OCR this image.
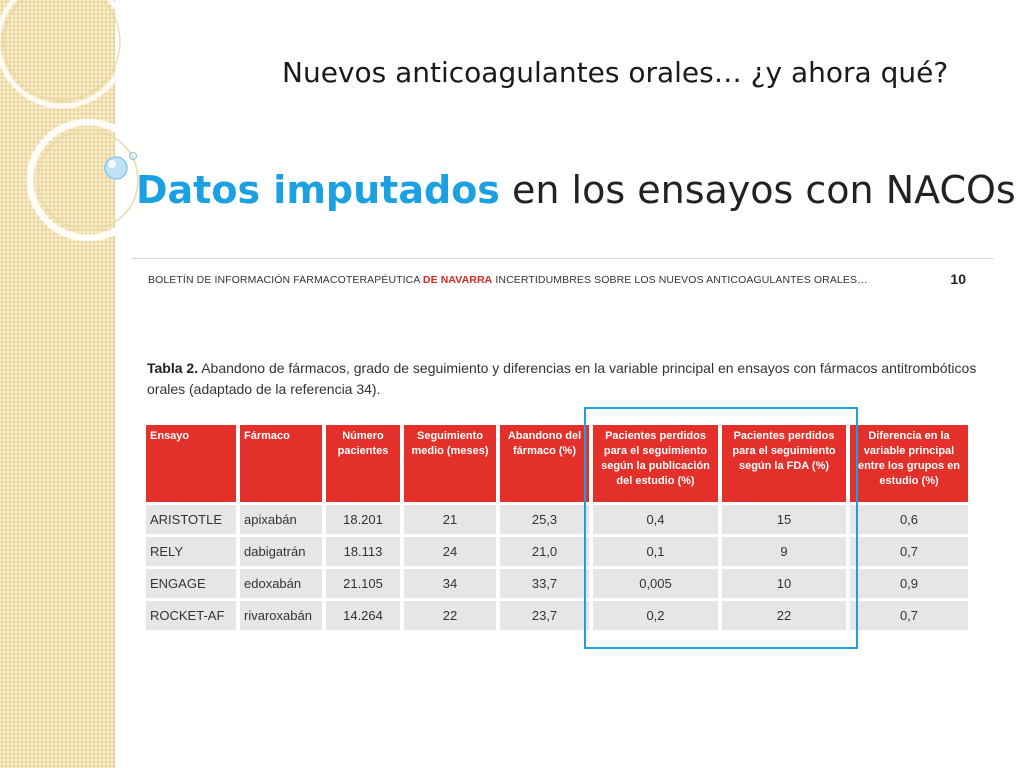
Nuevos anticoagulantes orales… ¿y ahora qué?
Datos imputados en los ensayos con NACOs
BOLETÍN DE INFORMACIÓN FARMACOTERAPÉUTICA DE NAVARRA INCERTIDUMBRES SOBRE LOS NUEVOS ANTICOAGULANTES ORALES…	10
Tabla 2. Abandono de fármacos, grado de seguimiento y diferencias en la variable principal en ensayos con fármacos antitrombóticos orales (adaptado de la referencia 34).
Ensayo	Fármaco	Número pacientes	Seguimiento medio (meses)	Abandono del fármaco (%)	Pacientes perdidos para el seguimiento según la publicación del estudio (%)	Pacientes perdidos para el seguimiento según la FDA (%)	Diferencia en la variable principal entre los grupos en estudio (%)
ARISTOTLE	apixabán	18.201	21	25,3	0,4	15	0,6
RELY	dabigatrán	18.113	24	21,0	0,1	9	0,7
ENGAGE	edoxabán	21.105	34	33,7	0,005	10	0,9
ROCKET-AF	rivaroxabán	14.264	22	23,7	0,2	22	0,7
